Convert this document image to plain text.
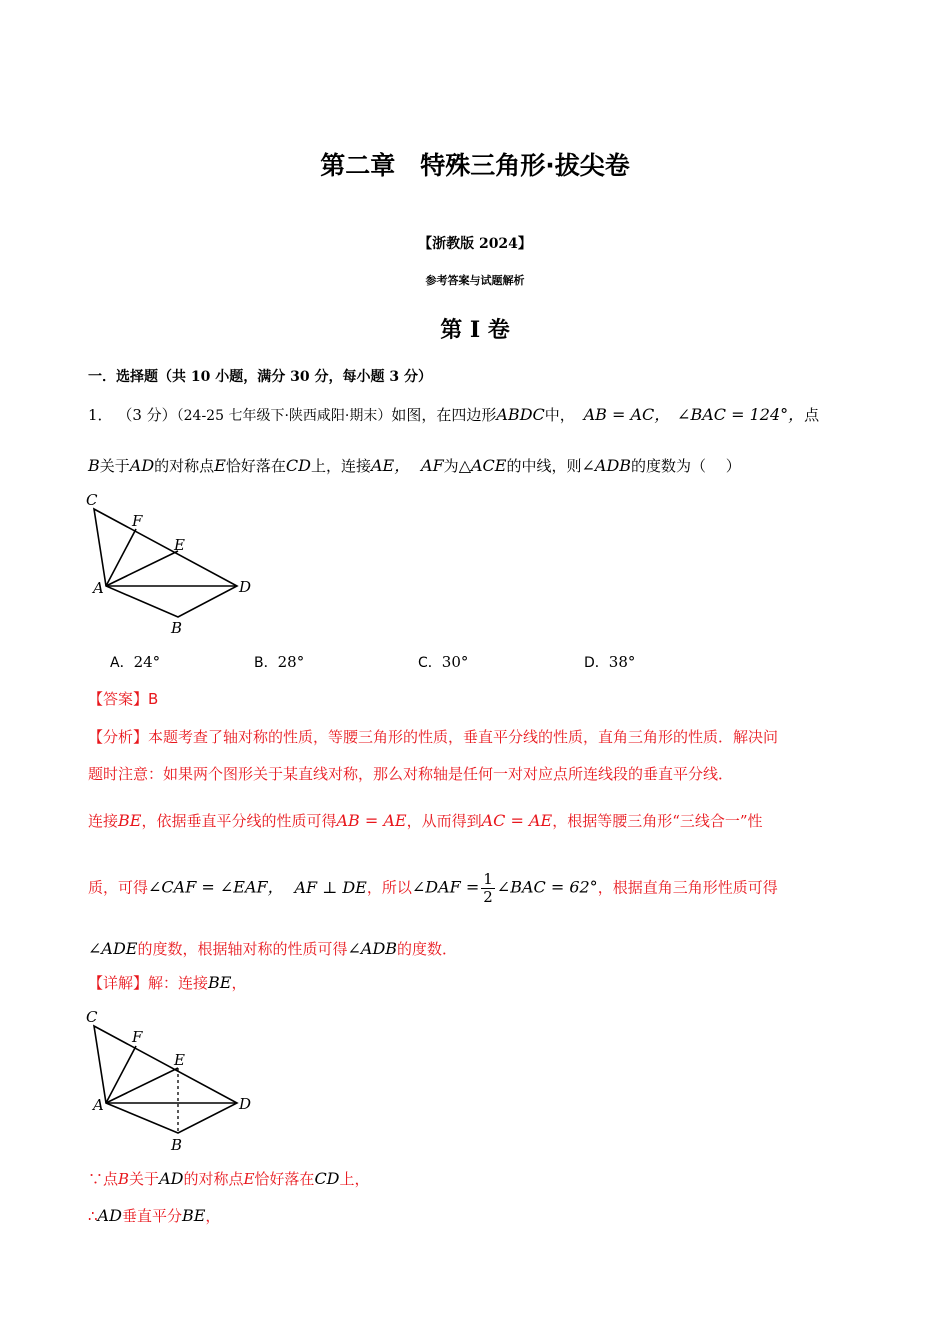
第二章　特殊三角形·拔尖卷
【浙教版 2024】
参考答案与试题解析
第 I 卷
一．选择题（共 10 小题，满分 30 分，每小题 3 分）
1． （3 分）（24-25 七年级下·陕西咸阳·期末）如图，在四边形ABDC中， AB = AC， ∠BAC = 124°，点
B关于AD的对称点E恰好落在CD上，连接AE， AF为△ACE的中线，则∠ADB的度数为（　 ）
C
F
E
A	D
B
A．24°	B．28°	C．30°	D．38°
【答案】B
【分析】本题考查了轴对称的性质，等腰三角形的性质，垂直平分线的性质，直角三角形的性质．解决问
题时注意：如果两个图形关于某直线对称，那么对称轴是任何一对对应点所连线段的垂直平分线．
连接BE，依据垂直平分线的性质可得AB = AE，从而得到AC = AE，根据等腰三角形“三线合一”性
质，可得∠CAF = ∠EAF， AF ⊥ DE，所以∠DAF = $\frac{1}{2}$ ∠BAC = 62°，根据直角三角形性质可得
∠ADE的度数，根据轴对称的性质可得∠ADB的度数．
【详解】解：连接BE，
C
F
E
A	D
B
∵点B关于AD的对称点E恰好落在CD上，
∴AD垂直平分BE，
